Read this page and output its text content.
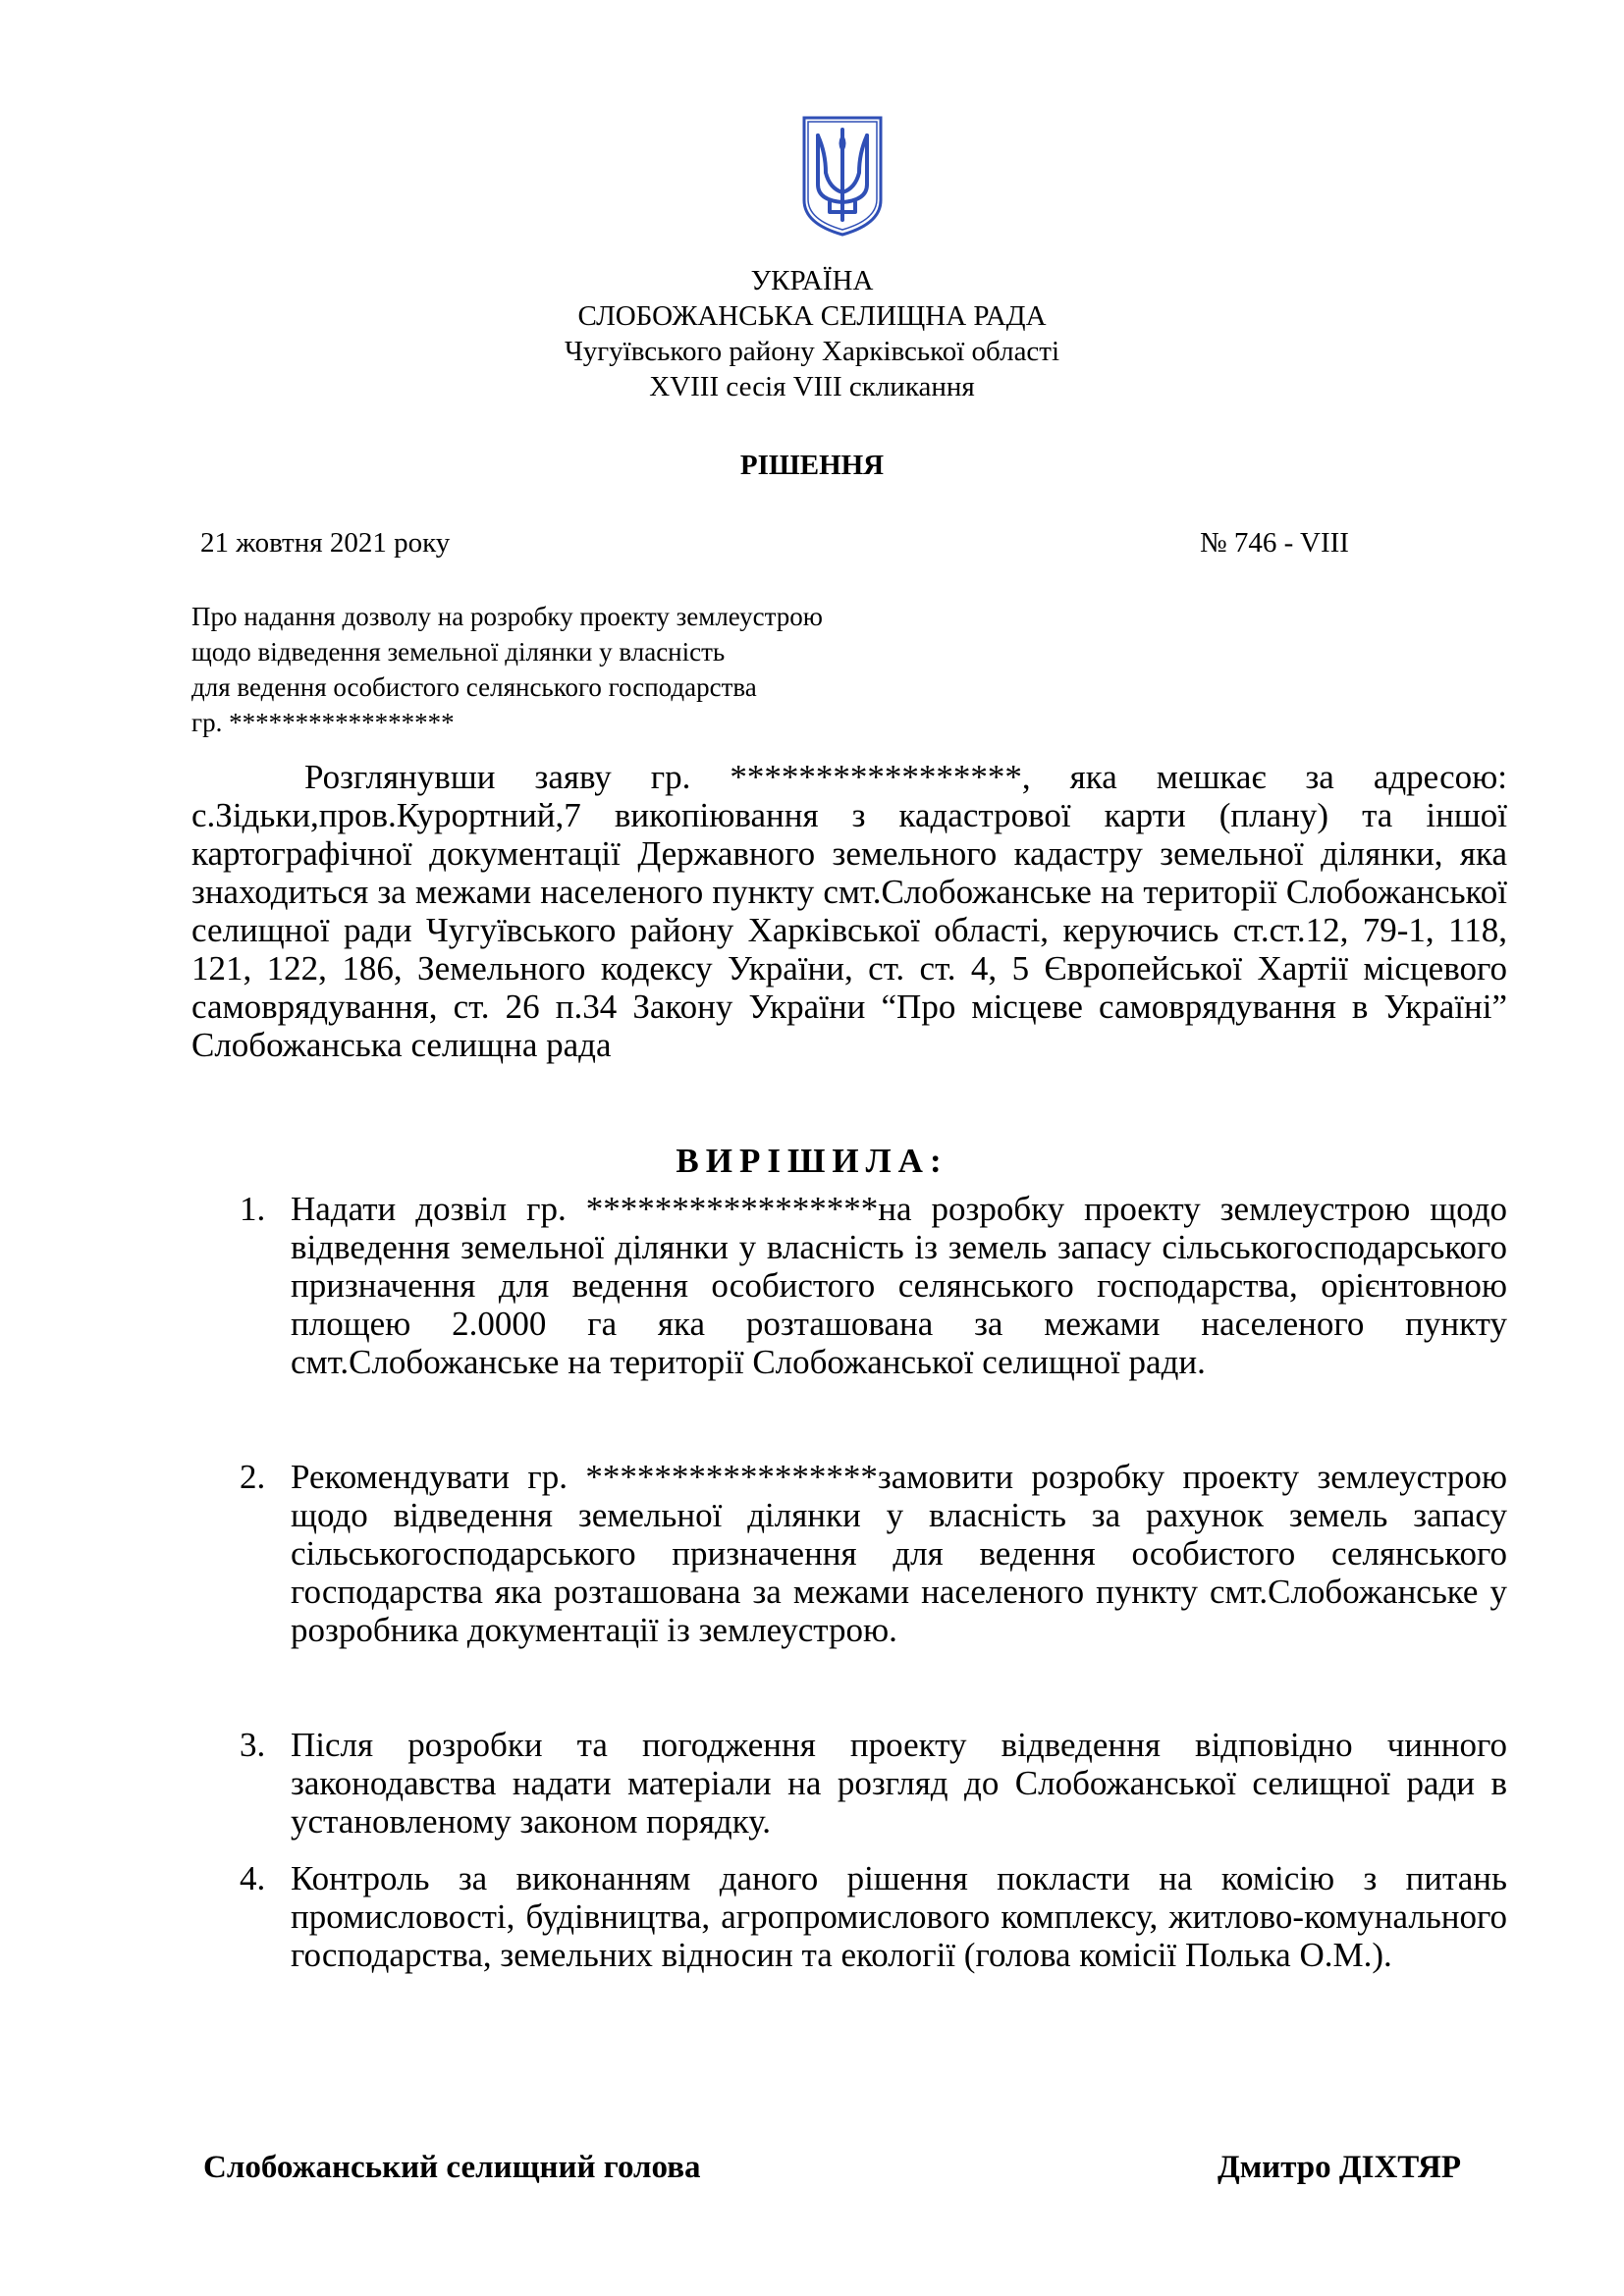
УКРАЇНА
СЛОБОЖАНСЬКА СЕЛИЩНА РАДА
Чугуївського району Харківської області
XVIII сесія VIII скликання
РІШЕННЯ
21 жовтня 2021 року	№ 746 - VIII
Про надання дозволу на розробку проекту землеустрою
щодо відведення земельної ділянки у власність
для ведення особистого селянського господарства
гр. *****************
Розглянувши заяву гр. *****************, яка мешкає за адресою: с.Зідьки,пров.Курортний,7 викопіювання з кадастрової карти (плану) та іншої картографічної документації Державного земельного кадастру земельної ділянки, яка знаходиться за межами населеного пункту смт.Слобожанське на території Слобожанської селищної ради Чугуївського району Харківської області, керуючись ст.ст.12, 79-1, 118, 121, 122, 186, Земельного кодексу України, ст. ст. 4, 5 Європейської Хартії місцевого самоврядування, ст. 26 п.34 Закону України “Про місцеве самоврядування в Україні” Слобожанська селищна рада
ВИРІШИЛА:
1. Надати дозвіл гр. *****************на розробку проекту землеустрою щодо відведення земельної ділянки у власність із земель запасу сільськогосподарського призначення для ведення особистого селянського господарства, орієнтовною площею 2.0000 га яка розташована за межами населеного пункту смт.Слобожанське на території Слобожанської селищної ради.
2. Рекомендувати гр. *****************замовити розробку проекту землеустрою щодо відведення земельної ділянки у власність за рахунок земель запасу сільськогосподарського призначення для ведення особистого селянського господарства яка розташована за межами населеного пункту смт.Слобожанське у розробника документації із землеустрою.
3. Після розробки та погодження проекту відведення відповідно чинного законодавства надати матеріали на розгляд до Слобожанської селищної ради в установленому законом порядку.
4. Контроль за виконанням даного рішення покласти на комісію з питань промисловості, будівництва, агропромислового комплексу, житлово-комунального господарства, земельних відносин та екології (голова комісії Полька О.М.).
Слобожанський селищний голова	Дмитро ДІХТЯР
